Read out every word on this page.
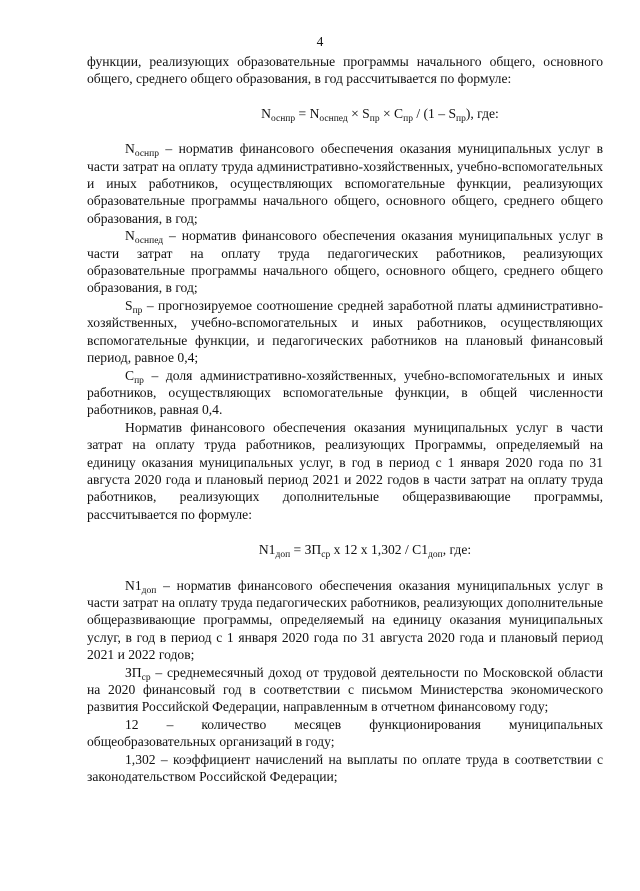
4

функции, реализующих образовательные программы начального общего, основного общего, среднего общего образования, в год рассчитывается по формуле:

$N_{оснпр} = N_{оснпед} \times S_{пр} \times C_{пр} / (1 - S_{пр})$, где:

$N_{оснпр}$ – норматив финансового обеспечения оказания муниципальных услуг в части затрат на оплату труда административно-хозяйственных, учебно-вспомогательных и иных работников, осуществляющих вспомогательные функции, реализующих образовательные программы начального общего, основного общего, среднего общего образования, в год;

$N_{оснпед}$ – норматив финансового обеспечения оказания муниципальных услуг в части затрат на оплату труда педагогических работников, реализующих образовательные программы начального общего, основного общего, среднего общего образования, в год;

$S_{пр}$ – прогнозируемое соотношение средней заработной платы административно-хозяйственных, учебно-вспомогательных и иных работников, осуществляющих вспомогательные функции, и педагогических работников на плановый финансовый период, равное 0,4;

$C_{пр}$ – доля административно-хозяйственных, учебно-вспомогательных и иных работников, осуществляющих вспомогательные функции, в общей численности работников, равная 0,4.

Норматив финансового обеспечения оказания муниципальных услуг в части затрат на оплату труда работников, реализующих Программы, определяемый на единицу оказания муниципальных услуг, в год в период с 1 января 2020 года по 31 августа 2020 года и плановый период 2021 и 2022 годов в части затрат на оплату труда работников, реализующих дополнительные общеразвивающие программы, рассчитывается по формуле:

$N1_{доп} = ЗП_{ср}$ х 12 х $1,302 / С1_{доп}$, где:

$N1_{доп}$ – норматив финансового обеспечения оказания муниципальных услуг в части затрат на оплату труда педагогических работников, реализующих дополнительные общеразвивающие программы, определяемый на единицу оказания муниципальных услуг, в год в период с 1 января 2020 года по 31 августа 2020 года и плановый период 2021 и 2022 годов;

$ЗП_{ср}$ – среднемесячный доход от трудовой деятельности по Московской области на 2020 финансовый год в соответствии с письмом Министерства экономического развития Российской Федерации, направленным в отчетном финансовому году;

12 – количество месяцев функционирования муниципальных общеобразовательных организаций в году;

1,302 – коэффициент начислений на выплаты по оплате труда в соответствии с законодательством Российской Федерации;
